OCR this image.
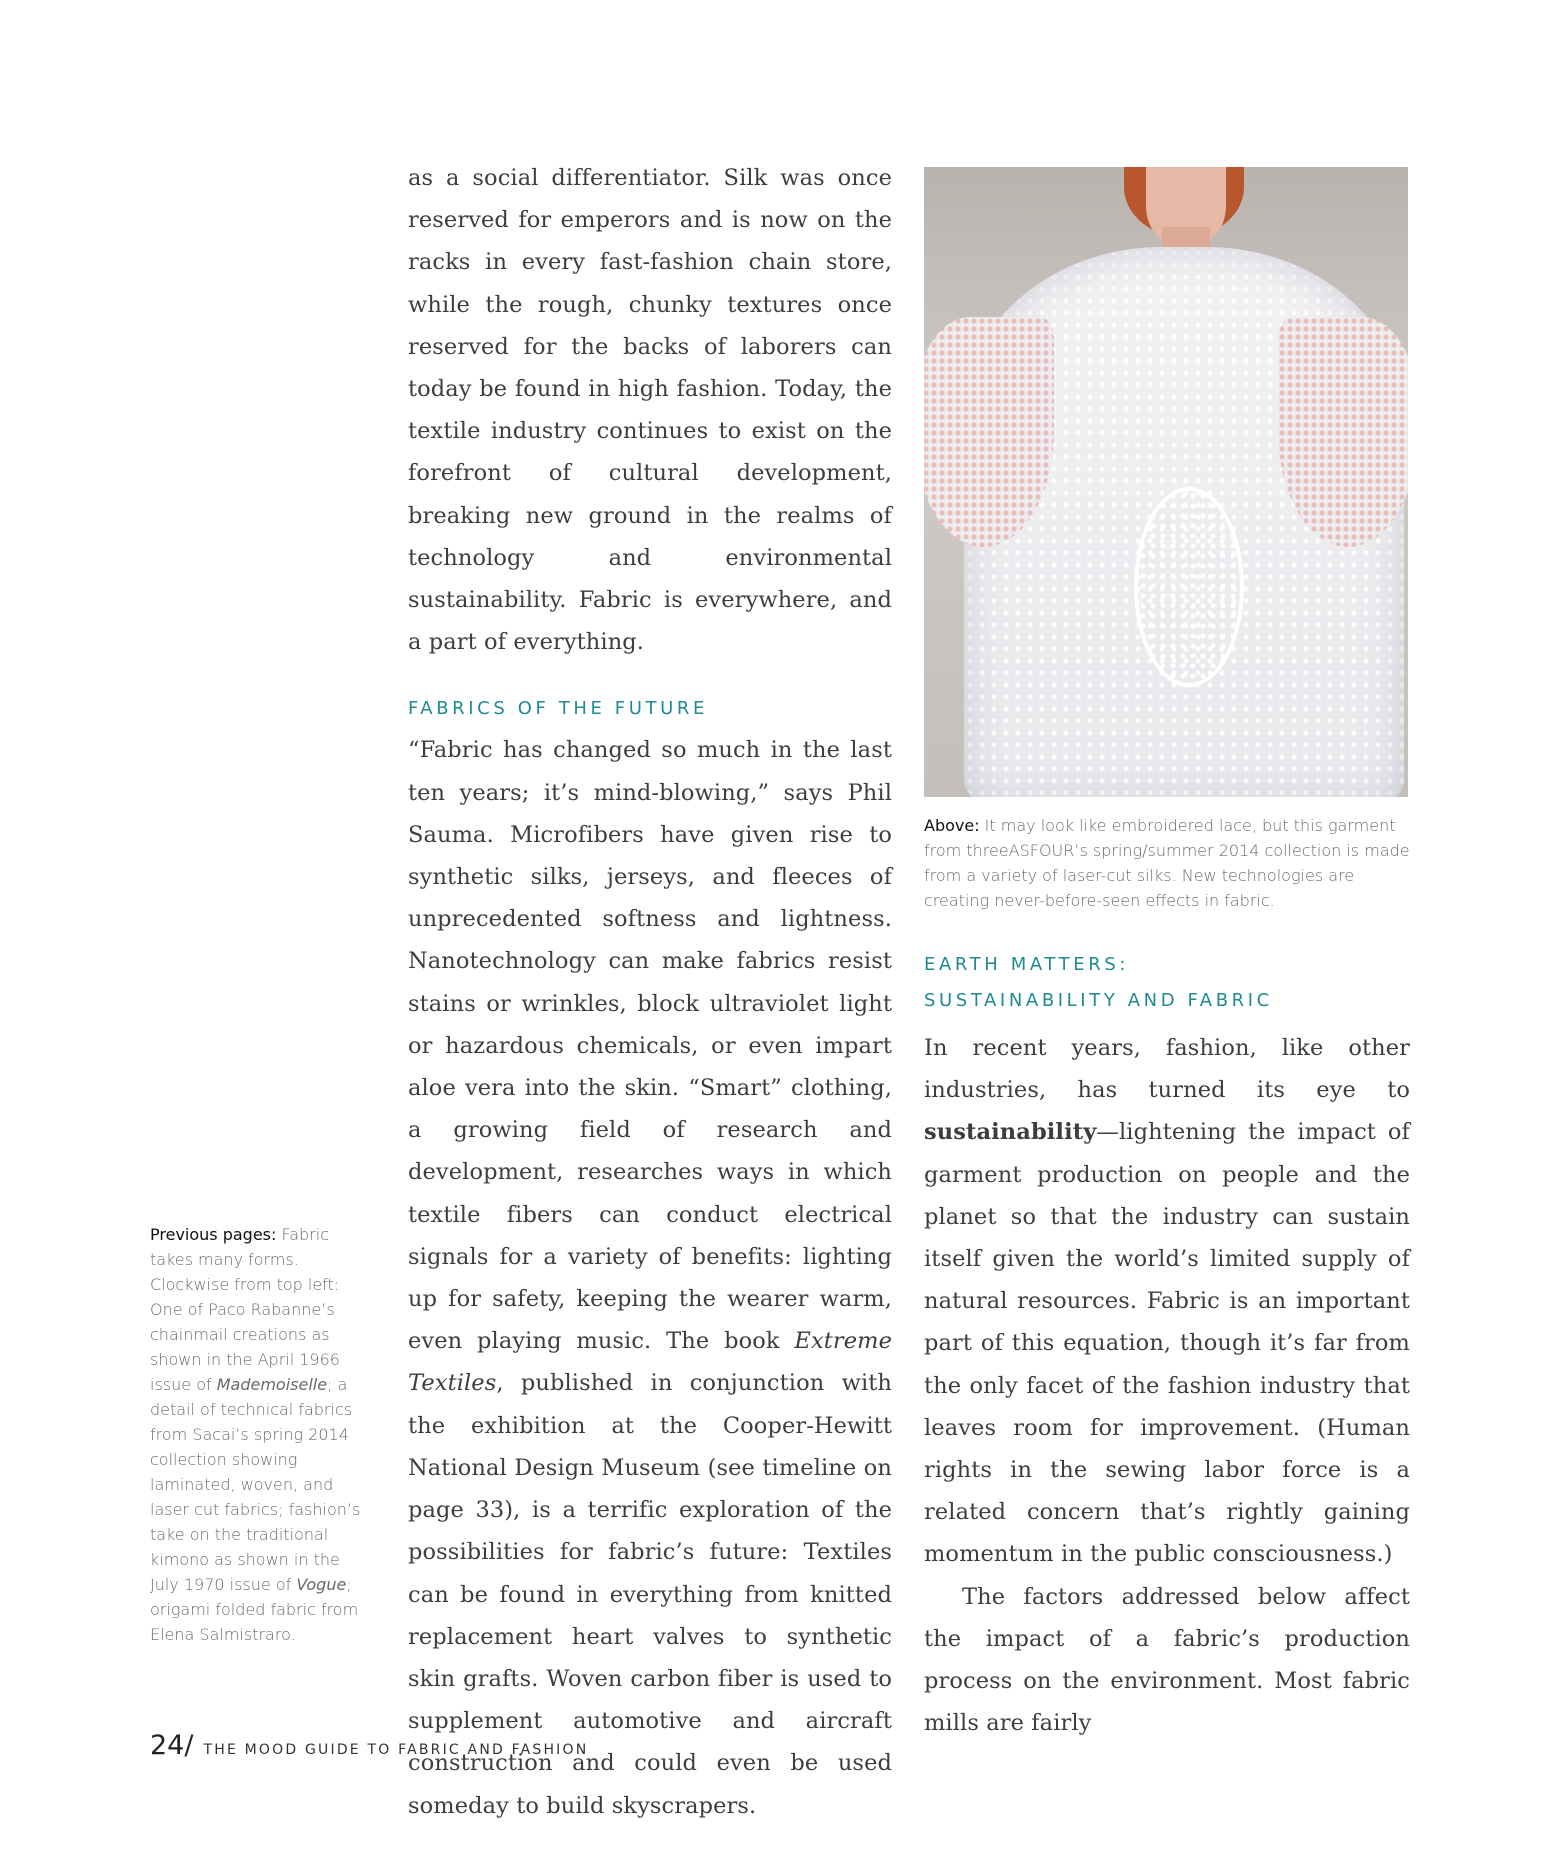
Previous pages: Fabric takes many forms. Clockwise from top left: One of Paco Rabanne’s chainmail creations as shown in the April 1966 issue of Mademoiselle; a detail of technical fabrics from Sacai’s spring 2014 collection showing laminated, woven, and laser cut fabrics; fashion’s take on the traditional kimono as shown in the July 1970 issue of Vogue; origami folded fabric from Elena Salmistraro.

as a social differentiator. Silk was once reserved for emperors and is now on the racks in every fast-fashion chain store, while the rough, chunky textures once reserved for the backs of laborers can today be found in high fashion. Today, the textile industry continues to exist on the forefront of cultural development, breaking new ground in the realms of technology and environmental sustainability. Fabric is everywhere, and a part of everything.

FABRICS OF THE FUTURE

“Fabric has changed so much in the last ten years; it’s mind-blowing,” says Phil Sauma. Microfibers have given rise to synthetic silks, jerseys, and fleeces of unprecedented softness and lightness. Nanotechnology can make fabrics resist stains or wrinkles, block ultraviolet light or hazardous chemicals, or even impart aloe vera into the skin. “Smart” clothing, a growing field of research and development, researches ways in which textile fibers can conduct electrical signals for a variety of benefits: lighting up for safety, keeping the wearer warm, even playing music. The book Extreme Textiles, published in conjunction with the exhibition at the Cooper-Hewitt National Design Museum (see timeline on page 33), is a terrific exploration of the possibilities for fabric’s future: Textiles can be found in everything from knitted replacement heart valves to synthetic skin grafts. Woven carbon fiber is used to supplement automotive and aircraft construction and could even be used someday to build skyscrapers.

Above: It may look like embroidered lace, but this garment from threeASFOUR’s spring/summer 2014 collection is made from a variety of laser-cut silks. New technologies are creating never-before-seen effects in fabric.
EARTH MATTERS:
SUSTAINABILITY AND FABRIC

In recent years, fashion, like other industries, has turned its eye to sustainability—lightening the impact of garment production on people and the planet so that the industry can sustain itself given the world’s limited supply of natural resources. Fabric is an important part of this equation, though it’s far from the only facet of the fashion industry that leaves room for improvement. (Human rights in the sewing labor force is a related concern that’s rightly gaining momentum in the public consciousness.)

The factors addressed below affect the impact of a fabric’s production process on the environment. Most fabric mills are fairly

24 / THE MOOD GUIDE TO FABRIC AND FASHION
